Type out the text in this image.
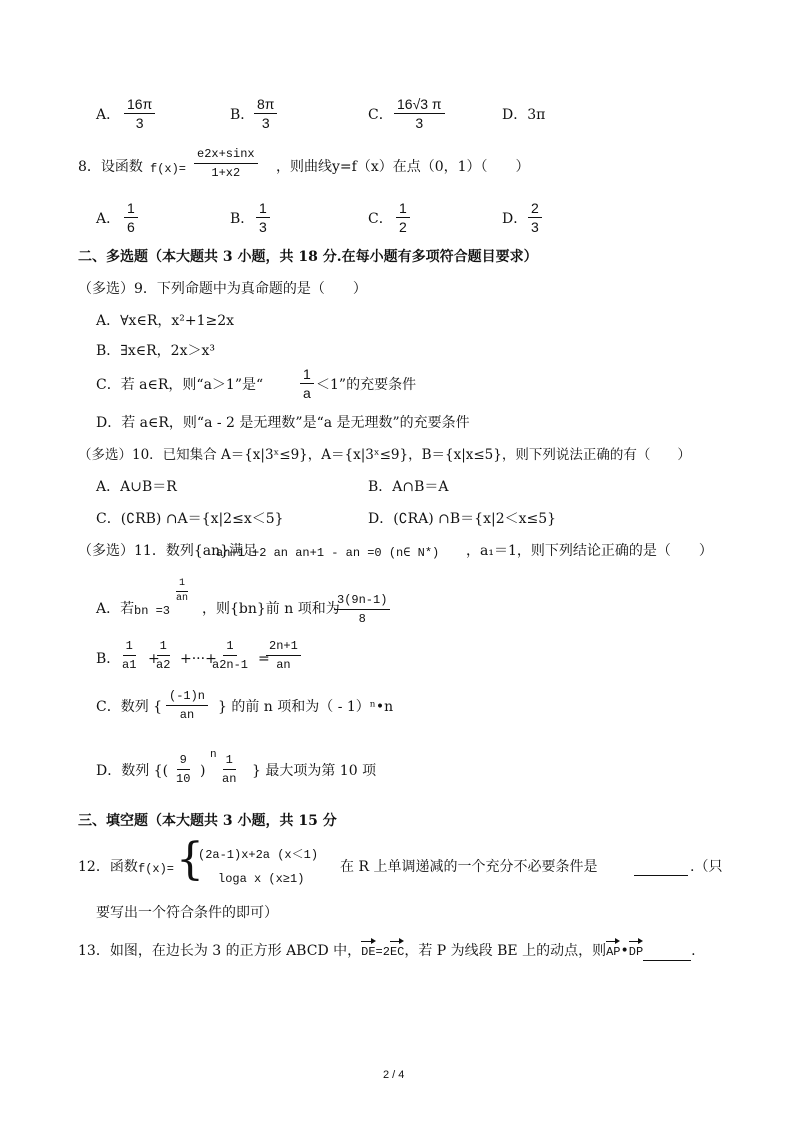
A． $\frac{16\pi}{3}$	B． $\frac{8\pi}{3}$	C． $\frac{16√3 \pi}{3}$	D．3π
8．设函数 $f(x)= \frac{e2x+\sin x}{1+x2}$ ，则曲线y=f（x）在点（0，1）（　　）
A． $\frac{1}{6}$	B． $\frac{1}{3}$	C． $\frac{1}{2}$	D． $\frac{2}{3}$
二、多选题（本大题共 3 小题，共 18 分.在每小题有多项符合题目要求）
（多选）9．下列命题中为真命题的是（　　）
A．∀x∈R，x²+1≥2x
B．∃x∈R，2x＞x³
C．若 a∈R，则“a＞1”是“	$\frac{1}{a} <1$”的充要条件
D．若 a∈R，则“a - 2 是无理数”是“a 是无理数”的充要条件
（多选）10．已知集合 A＝{x|3ˣ≤9}，A＝{x|3ˣ≤9}，B＝{x|x≤5}，则下列说法正确的有（　　）
A．A∪B＝R	B．A∩B＝A
C．(∁RB) ∩A＝{x|2≤x＜5}	D．(∁RA) ∩B＝{x|2＜x≤5}
（多选）11．数列{an}满足
an+1 +2 an an+1 - an =0 (n∈ N*) ，a₁＝1，则下列结论正确的是（　　）
A．若 bn =3
$\frac{1}{an}$
，则{bn}前 n 项和为
$\frac{3(9n-1)}{8}$
B． $\frac{1}{a1}$ +
$\frac{1}{a2}$ +···+
$\frac{1}{a2n-1}$ =
$\frac{2n+1}{an}$
C．数列 { $\frac{(-1)n}{an}$ } 的前 n 项和为（ - 1）ⁿ•n
D．数列 {( $\frac{9}{10}$ )
n $\frac{1}{an}$ } 最大项为第 10 项
三、填空题（本大题共 3 小题，共 15 分
12．函数 f(x)= {
(2a-1)x+2a (x＜1)
loga x (x≥1)
在 R 上单调递减的一个充分不必要条件是	.（只
要写出一个符合条件的即可）
13．如图，在边长为 3 的正方形 ABCD 中，DE=2EC，若 P 为线段 BE 上的动点，则AP•DP	.
2 / 4
